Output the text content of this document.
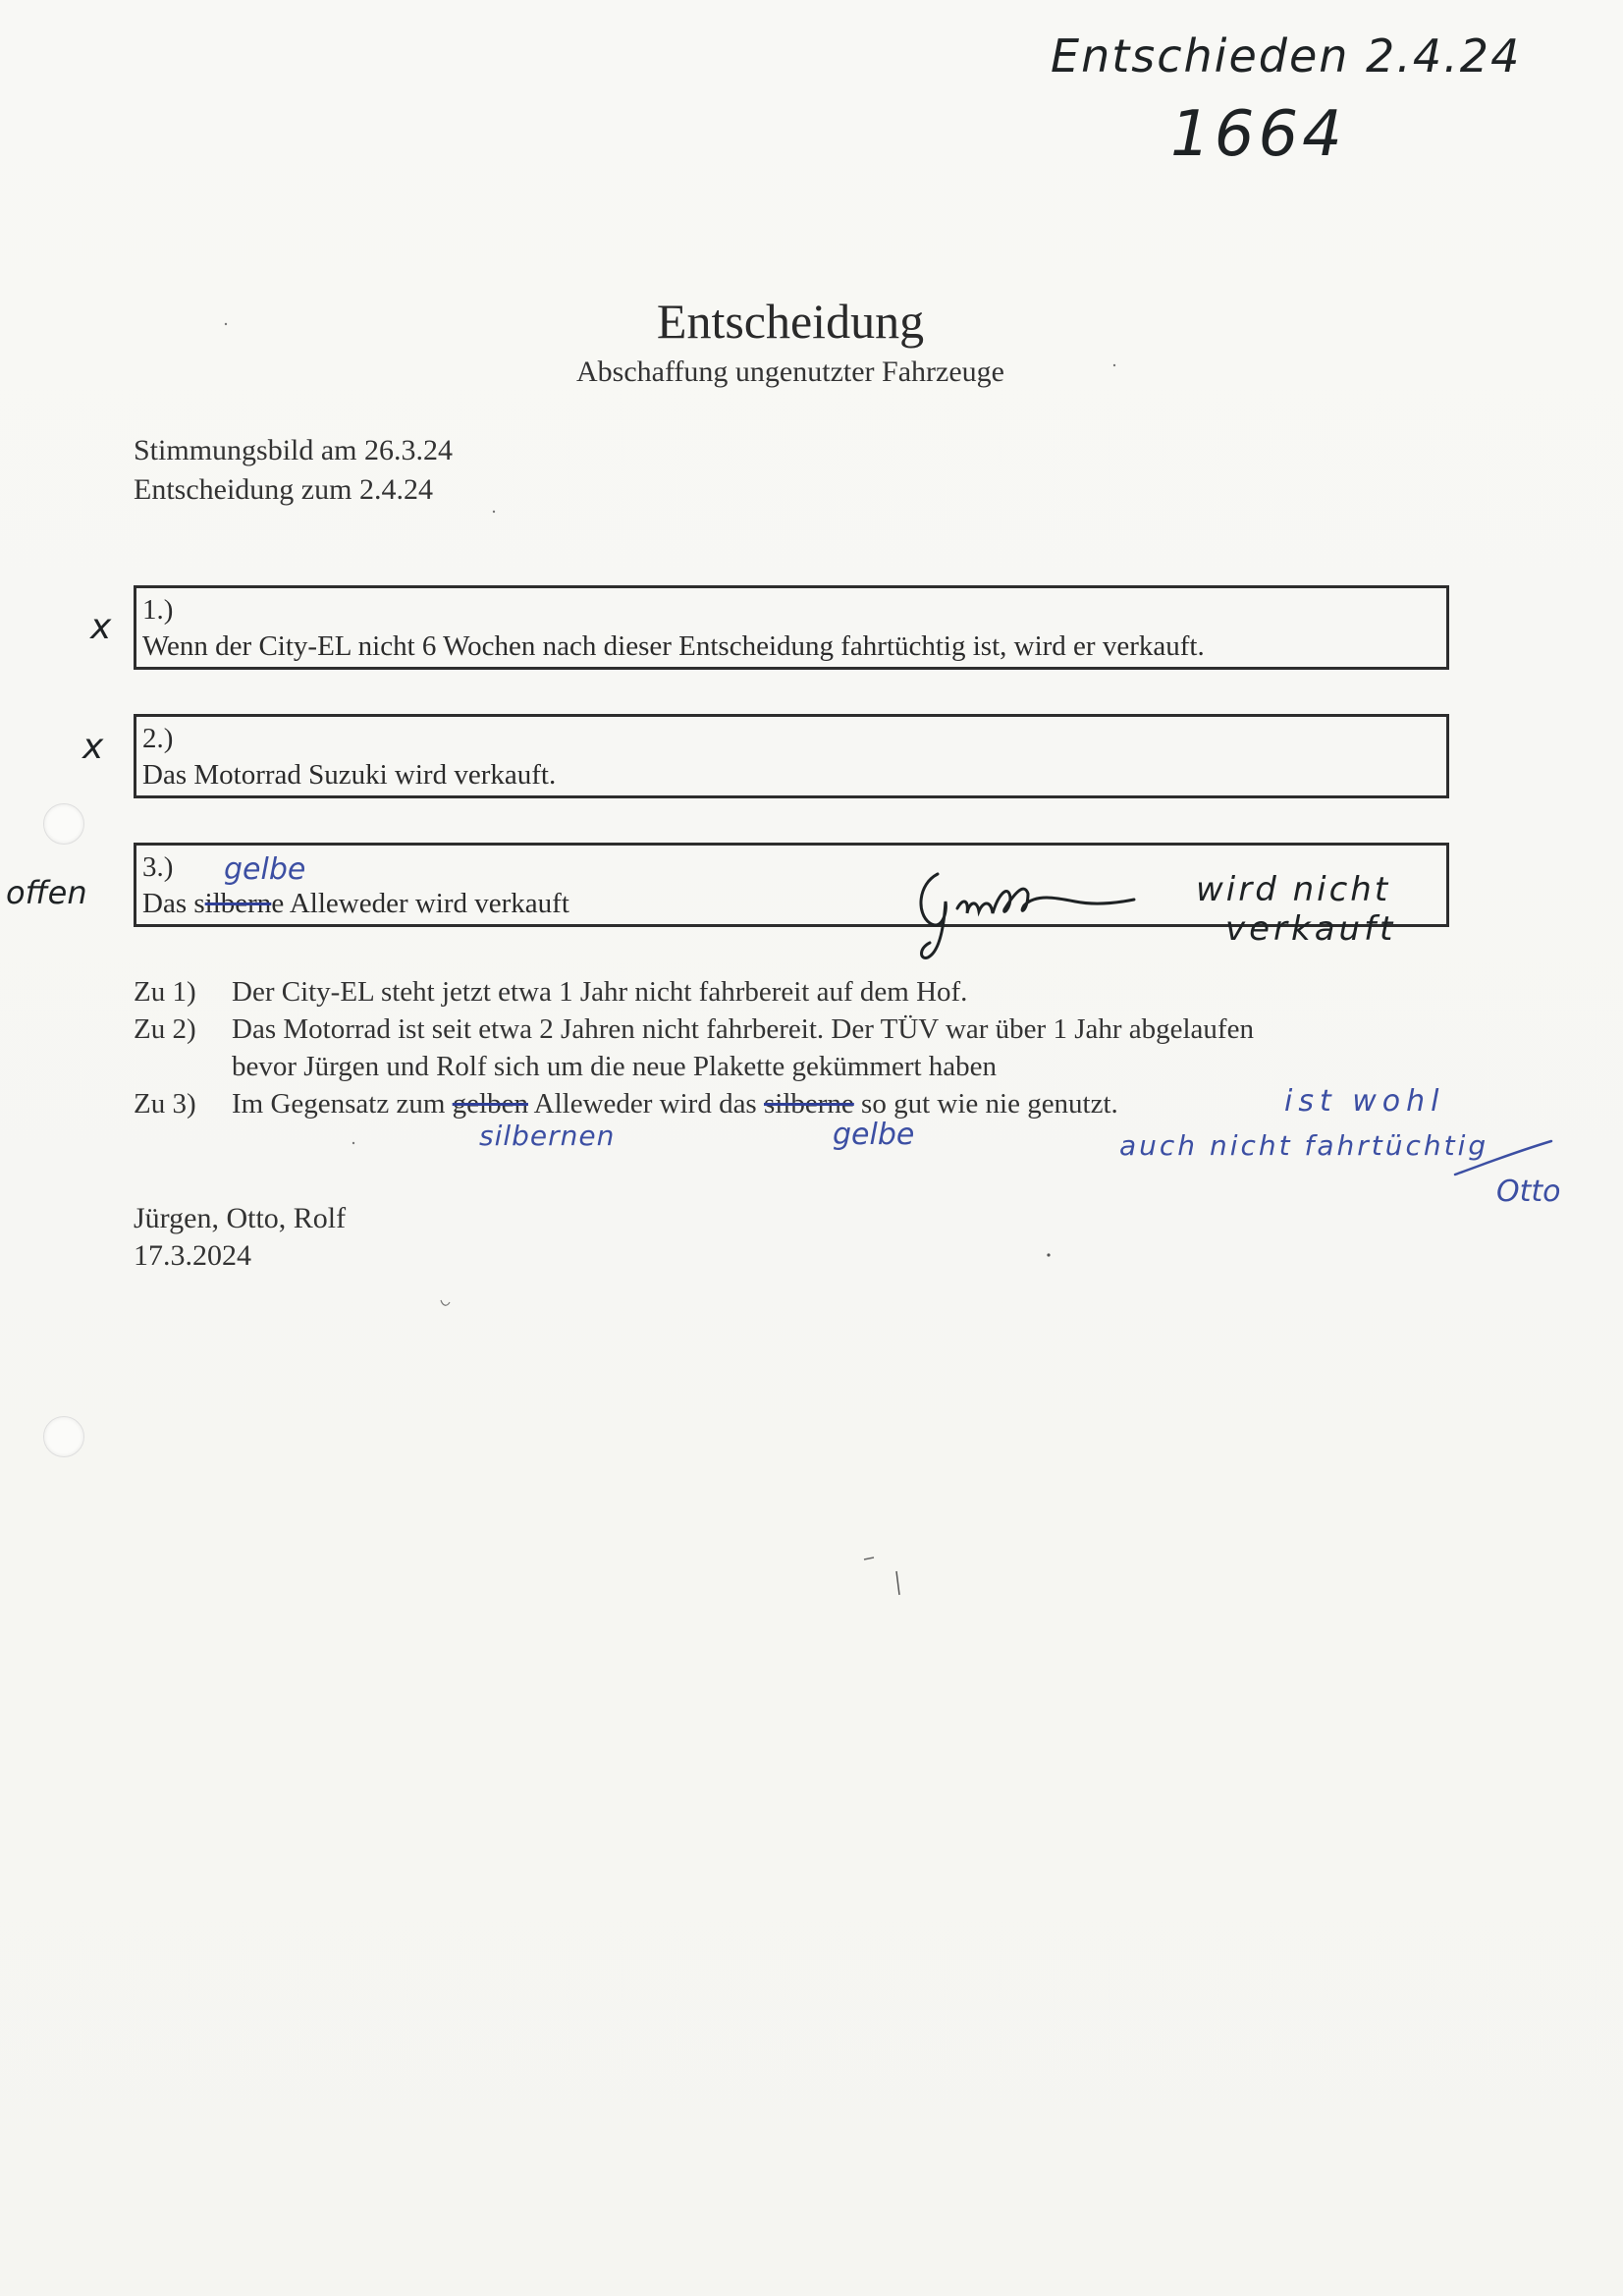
Entschieden 2.4.24
1664
Entscheidung
Abschaffung ungenutzter Fahrzeuge
Stimmungsbild am 26.3.24
Entscheidung zum 2.4.24
x
x
offen
1.)
Wenn der City-EL nicht 6 Wochen nach dieser Entscheidung fahrtüchtig ist, wird er verkauft.
2.)
Das Motorrad Suzuki wird verkauft.
3.)
Das silberne Alleweder wird verkauft
gelbe
wird nicht
verkauft
Zu 1) Der City-EL steht jetzt etwa 1 Jahr nicht fahrbereit auf dem Hof.
Zu 2) Das Motorrad ist seit etwa 2 Jahren nicht fahrbereit. Der TÜV war über 1 Jahr abgelaufen
bevor Jürgen und Rolf sich um die neue Plakette gekümmert haben
Zu 3) Im Gegensatz zum gelben Alleweder wird das silberne so gut wie nie genutzt.
silbernen	gelbe
ist wohl
auch nicht fahrtüchtig
Otto
Jürgen, Otto, Rolf
17.3.2024
